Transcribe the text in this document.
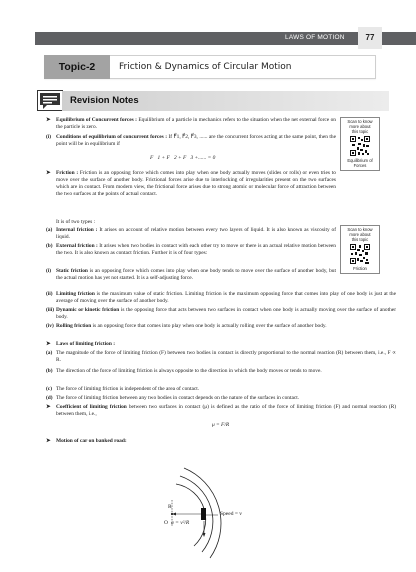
LAWS OF MOTION	77
Topic-2	Friction & Dynamics of Circular Motion
Revision Notes
Scan to know
more about
this topic
Equilibrium of Forces
Scan to know
more about
this topic
Friction
➤ Equilibrium of Concurrent forces : Equilibrium of a particle in mechanics refers to the situation when the net external force on the particle is zero.
(i) Conditions of equilibrium of concurrent forces : If F⃗1, F⃗2, F⃗3, ...... are the concurrent forces acting at the same point, then the point will be in equilibrium if
F⃗1 + F⃗2 + F⃗3 +...... = 0⃗
➤ Friction : Friction is an opposing force which comes into play when one body actually moves (slides or rolls) or even tries to move over the surface of another body. Frictional forces arise due to interlocking of irregularities present on the two surfaces which are in contact. From modern view, the frictional force arises due to strong atomic or molecular force of attraction between the two surfaces at the points of actual contact.
It is of two types :
(a) Internal friction : It arises on account of relative motion between every two layers of liquid. It is also known as viscosity of liquid.
(b) External friction : It arises when two bodies in contact with each other try to move or there is an actual relative motion between the two. It is also known as contact friction. Further it is of four types:
(i) Static friction is an opposing force which comes into play when one body tends to move over the surface of another body, but the actual motion has yet not started. It is a self-adjusting force.
(ii) Limiting friction is the maximum value of static friction. Limiting friction is the maximum opposing force that comes into play of one body is just at the average of moving over the surface of another body.
(iii) Dynamic or kinetic friction is the opposing force that acts between two surfaces in contact when one body is actually moving over the surface of another body.
(iv) Rolling friction is an opposing force that comes into play when one body is actually rolling over the surface of another body.
➤ Laws of limiting friction :
(a) The magnitude of the force of limiting friction (F) between two bodies in contact is directly proportional to the normal reaction (R) between them, i.e., F ∝ R.
(b) The direction of the force of limiting friction is always opposite to the direction in which the body moves or tends to move.
(c) The force of limiting friction is independent of the area of contact.
(d) The force of limiting friction between any two bodies in contact depends on the nature of the surfaces in contact.
➤ Coefficient of limiting friction between two surfaces in contact (μ) is defined as the ratio of the force of limiting friction (F) and normal reaction (R) between them, i.e.,
μ = F/R
➤ Motion of car on banked road:
R
O a = v²/R
Speed = v
